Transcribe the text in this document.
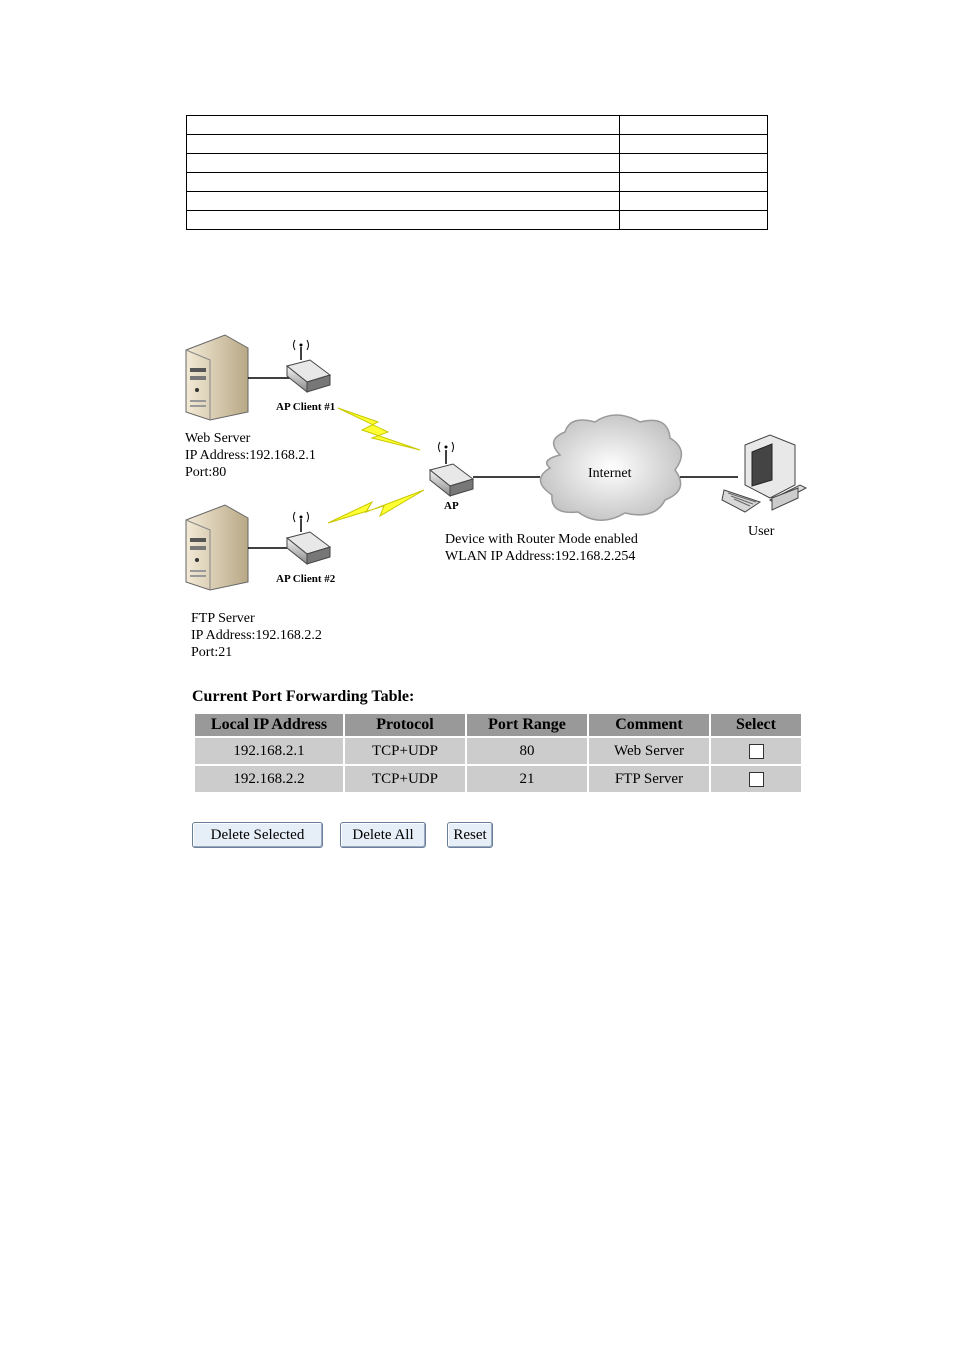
AP Client #1
Web Server
IP Address:192.168.2.1
Port:80
AP
Internet
User
Device with Router Mode enabled
WLAN IP Address:192.168.2.254
AP Client #2
FTP Server
IP Address:192.168.2.2
Port:21
Current Port Forwarding Table:
Local IP Address	Protocol	Port Range	Comment	Select
192.168.2.1	TCP+UDP	80	Web Server	
192.168.2.2	TCP+UDP	21	FTP Server	
Delete Selected	Delete All	Reset
